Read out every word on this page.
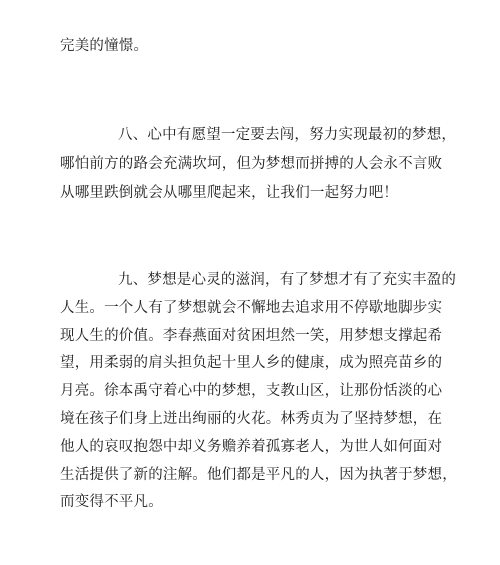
完美的憧憬。
八、心中有愿望一定要去闯，努力实现最初的梦想，
哪怕前方的路会充满坎坷，但为梦想而拼搏的人会永不言败
从哪里跌倒就会从哪里爬起来，让我们一起努力吧！
九、梦想是心灵的滋润，有了梦想才有了充实丰盈的
人生。一个人有了梦想就会不懈地去追求用不停歇地脚步实
现人生的价值。李春燕面对贫困坦然一笑，用梦想支撑起希
望，用柔弱的肩头担负起十里人乡的健康，成为照亮苗乡的
月亮。徐本禹守着心中的梦想，支教山区，让那份恬淡的心
境在孩子们身上迸出绚丽的火花。林秀贞为了坚持梦想，在
他人的哀叹抱怨中却义务赡养着孤寡老人，为世人如何面对
生活提供了新的注解。他们都是平凡的人，因为执著于梦想，
而变得不平凡。
